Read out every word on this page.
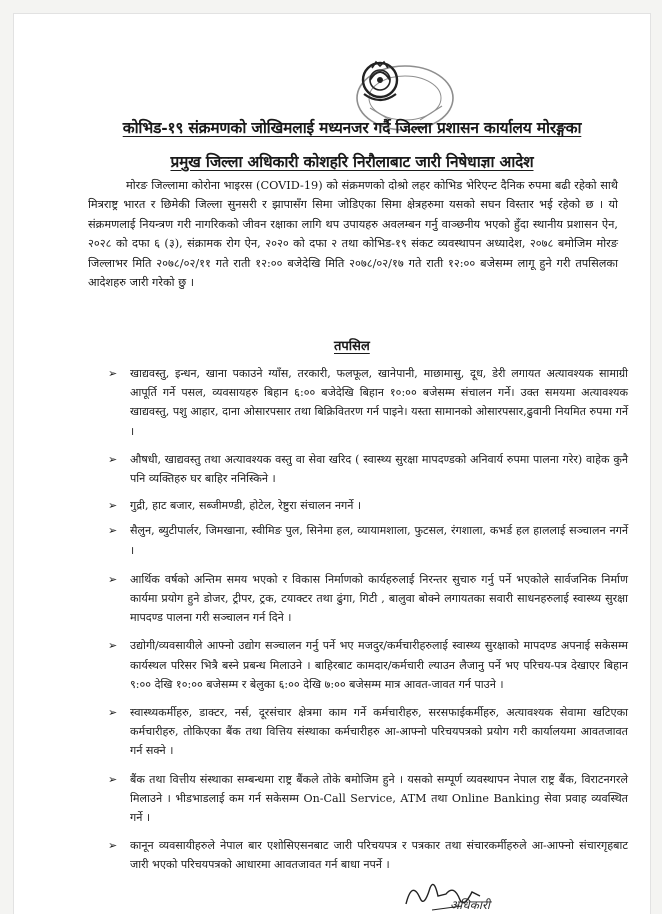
कोभिड-१९ संक्रमणको जोखिमलाई मध्यनजर गर्दै जिल्ला प्रशासन कार्यालय मोरङ्गका
प्रमुख जिल्ला अधिकारी कोशहरि निरौलाबाट जारी निषेधाज्ञा आदेश
मोरङ जिल्लामा कोरोना भाइरस (COVID-19) को संक्रमणको दोश्रो लहर कोभिड भेरिएन्ट दैनिक रुपमा बढी रहेको साथै मित्रराष्ट्र भारत र छिमेकी जिल्ला सुनसरी र झापासँग सिमा जोडिएका सिमा क्षेत्रहरुमा यसको सघन विस्तार भई रहेको छ । यो संक्रमणलाई नियन्त्रण गरी नागरिकको जीवन रक्षाका लागि थप उपायहरु अवलम्बन गर्नु वाञ्छनीय भएको हुँदा स्थानीय प्रशासन ऐन, २०२८ को दफा ६ (३), संक्रामक रोग ऐन, २०२० को दफा २ तथा कोभिड-१९ संकट व्यवस्थापन अध्यादेश, २०७८ बमोजिम मोरङ जिल्लाभर मिति २०७८/०२/११ गते राती १२:०० बजेदेखि मिति २०७८/०२/१७ गते राती १२:०० बजेसम्म लागू हुने गरी तपसिलका आदेशहरु जारी गरेको छु ।
तपसिल
➢ खाद्यवस्तु, इन्धन, खाना पकाउने ग्याँस, तरकारी, फलफूल, खानेपानी, माछामासु, दूध, डेरी लगायत अत्यावश्यक सामाग्री आपूर्ति गर्ने पसल, व्यवसायहरु बिहान ६:०० बजेदेखि बिहान १०:०० बजेसम्म संचालन गर्ने। उक्त समयमा अत्यावश्यक खाद्यवस्तु, पशु आहार, दाना ओसारपसार तथा बिक्रिवितरण गर्न पाइने। यस्ता सामानको ओसारपसार,ढुवानी नियमित रुपमा गर्ने ।
➢ औषधी, खाद्यवस्तु तथा अत्यावश्यक वस्तु वा सेवा खरिद ( स्वास्थ्य सुरक्षा मापदण्डको अनिवार्य रुपमा पालना गरेर) वाहेक कुनै पनि व्यक्तिहरु घर बाहिर ननिस्किने ।
➢ गुद्री, हाट बजार, सब्जीमण्डी, होटेल, रेष्टुरा संचालन नगर्ने ।
➢ सैलुन, ब्युटीपार्लर, जिमखाना, स्वीमिङ पुल, सिनेमा हल, व्यायामशाला, फुटसल, रंगशाला, कभर्ड हल हाललाई सञ्चालन नगर्ने ।
➢ आर्थिक वर्षको अन्तिम समय भएको र विकास निर्माणको कार्यहरुलाई निरन्तर सुचारु गर्नु पर्ने भएकोले सार्वजनिक निर्माण कार्यमा प्रयोग हुने डोजर, ट्रीपर, ट्रक, टयाक्टर तथा ढुंगा, गिटी , बालुवा बोक्ने लगायतका सवारी साधनहरुलाई स्वास्थ्य सुरक्षा मापदण्ड पालना गरी सञ्चालन गर्न दिने ।
➢ उद्योगी/व्यवसायीले आफ्नो उद्योग सञ्चालन गर्नु पर्ने भए मजदुर/कर्मचारीहरुलाई स्वास्थ्य सुरक्षाको मापदण्ड अपनाई सकेसम्म कार्यस्थल परिसर भित्रै बस्ने प्रबन्ध मिलाउने । बाहिरबाट कामदार/कर्मचारी ल्याउन लैजानु पर्ने भए परिचय-पत्र देखाएर बिहान ९:०० देखि १०:०० बजेसम्म र बेलुका ६:०० देखि ७:०० बजेसम्म मात्र आवत-जावत गर्न पाउने ।
➢ स्वास्थ्यकर्मीहरु, डाक्टर, नर्स, दूरसंचार क्षेत्रमा काम गर्ने कर्मचारीहरु, सरसफाईकर्मीहरु, अत्यावश्यक सेवामा खटिएका कर्मचारीहरु, तोकिएका बैंक तथा वित्तिय संस्थाका कर्मचारीहरु आ-आफ्नो परिचयपत्रको प्रयोग गरी कार्यालयमा आवतजावत गर्न सक्ने ।
➢ बैंक तथा वित्तीय संस्थाका सम्बन्धमा राष्ट्र बैंकले तोके बमोजिम हुने । यसको सम्पूर्ण व्यवस्थापन नेपाल राष्ट्र बैंक, विराटनगरले मिलाउने । भीडभाडलाई कम गर्न सकेसम्म On-Call Service, ATM तथा Online Banking सेवा प्रवाह व्यवस्थित गर्ने ।
➢ कानून व्यवसायीहरुले नेपाल बार एशोसिएसनबाट जारी परिचयपत्र र पत्रकार तथा संचारकर्मीहरुले आ-आफ्नो संचारगृहबाट जारी भएको परिचयपत्रको आधारमा आवतजावत गर्न बाधा नपर्ने ।
अधिकारी
